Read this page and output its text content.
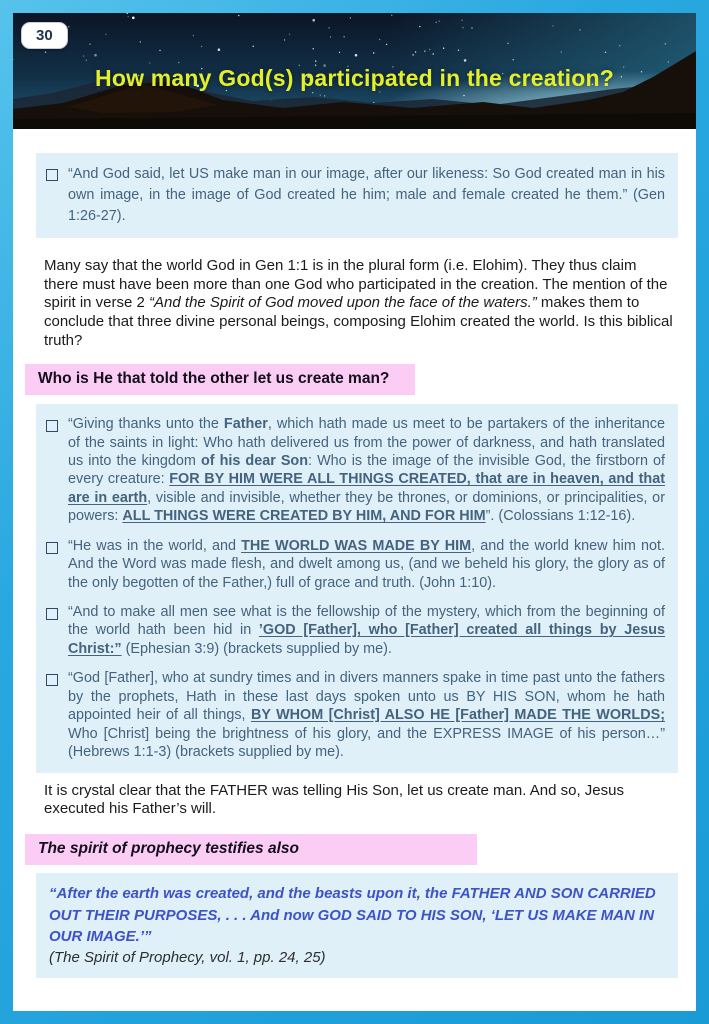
30
How many God(s) participated in the creation?

“And God said, let US make man in our image, after our likeness: So God created man in his own image, in the image of God created he him; male and female created he them.” (Gen 1:26-27).

Many say that the world God in Gen 1:1 is in the plural form (i.e. Elohim). They thus claim there must have been more than one God who participated in the creation. The mention of the spirit in verse 2 “And the Spirit of God moved upon the face of the waters.” makes them to conclude that three divine personal beings, composing Elohim created the world. Is this biblical truth?

Who is He that told the other let us create man?

“Giving thanks unto the Father, which hath made us meet to be partakers of the inheritance of the saints in light: Who hath delivered us from the power of darkness, and hath translated us into the kingdom of his dear Son: Who is the image of the invisible God, the firstborn of every creature: FOR BY HIM WERE ALL THINGS CREATED, that are in heaven, and that are in earth, visible and invisible, whether they be thrones, or dominions, or principalities, or powers: ALL THINGS WERE CREATED BY HIM, AND FOR HIM”. (Colossians 1:12-16).

“He was in the world, and THE WORLD WAS MADE BY HIM, and the world knew him not. And the Word was made flesh, and dwelt among us, (and we beheld his glory, the glory as of the only begotten of the Father,) full of grace and truth. (John 1:10).

“And to make all men see what is the fellowship of the mystery, which from the beginning of the world hath been hid in ’GOD [Father], who [Father] created all things by Jesus Christ:” (Ephesian 3:9) (brackets supplied by me).

“God [Father], who at sundry times and in divers manners spake in time past unto the fathers by the prophets, Hath in these last days spoken unto us BY HIS SON, whom he hath appointed heir of all things, BY WHOM [Christ] ALSO HE [Father] MADE THE WORLDS; Who [Christ] being the brightness of his glory, and the EXPRESS IMAGE of his person…” (Hebrews 1:1-3) (brackets supplied by me).

It is crystal clear that the FATHER was telling His Son, let us create man. And so, Jesus executed his Father’s will.

The spirit of prophecy testifies also

“After the earth was created, and the beasts upon it, the FATHER AND SON CARRIED OUT THEIR PURPOSES, . . . And now GOD SAID TO HIS SON, ‘LET US MAKE MAN IN OUR IMAGE.’”

(The Spirit of Prophecy, vol. 1, pp. 24, 25)
